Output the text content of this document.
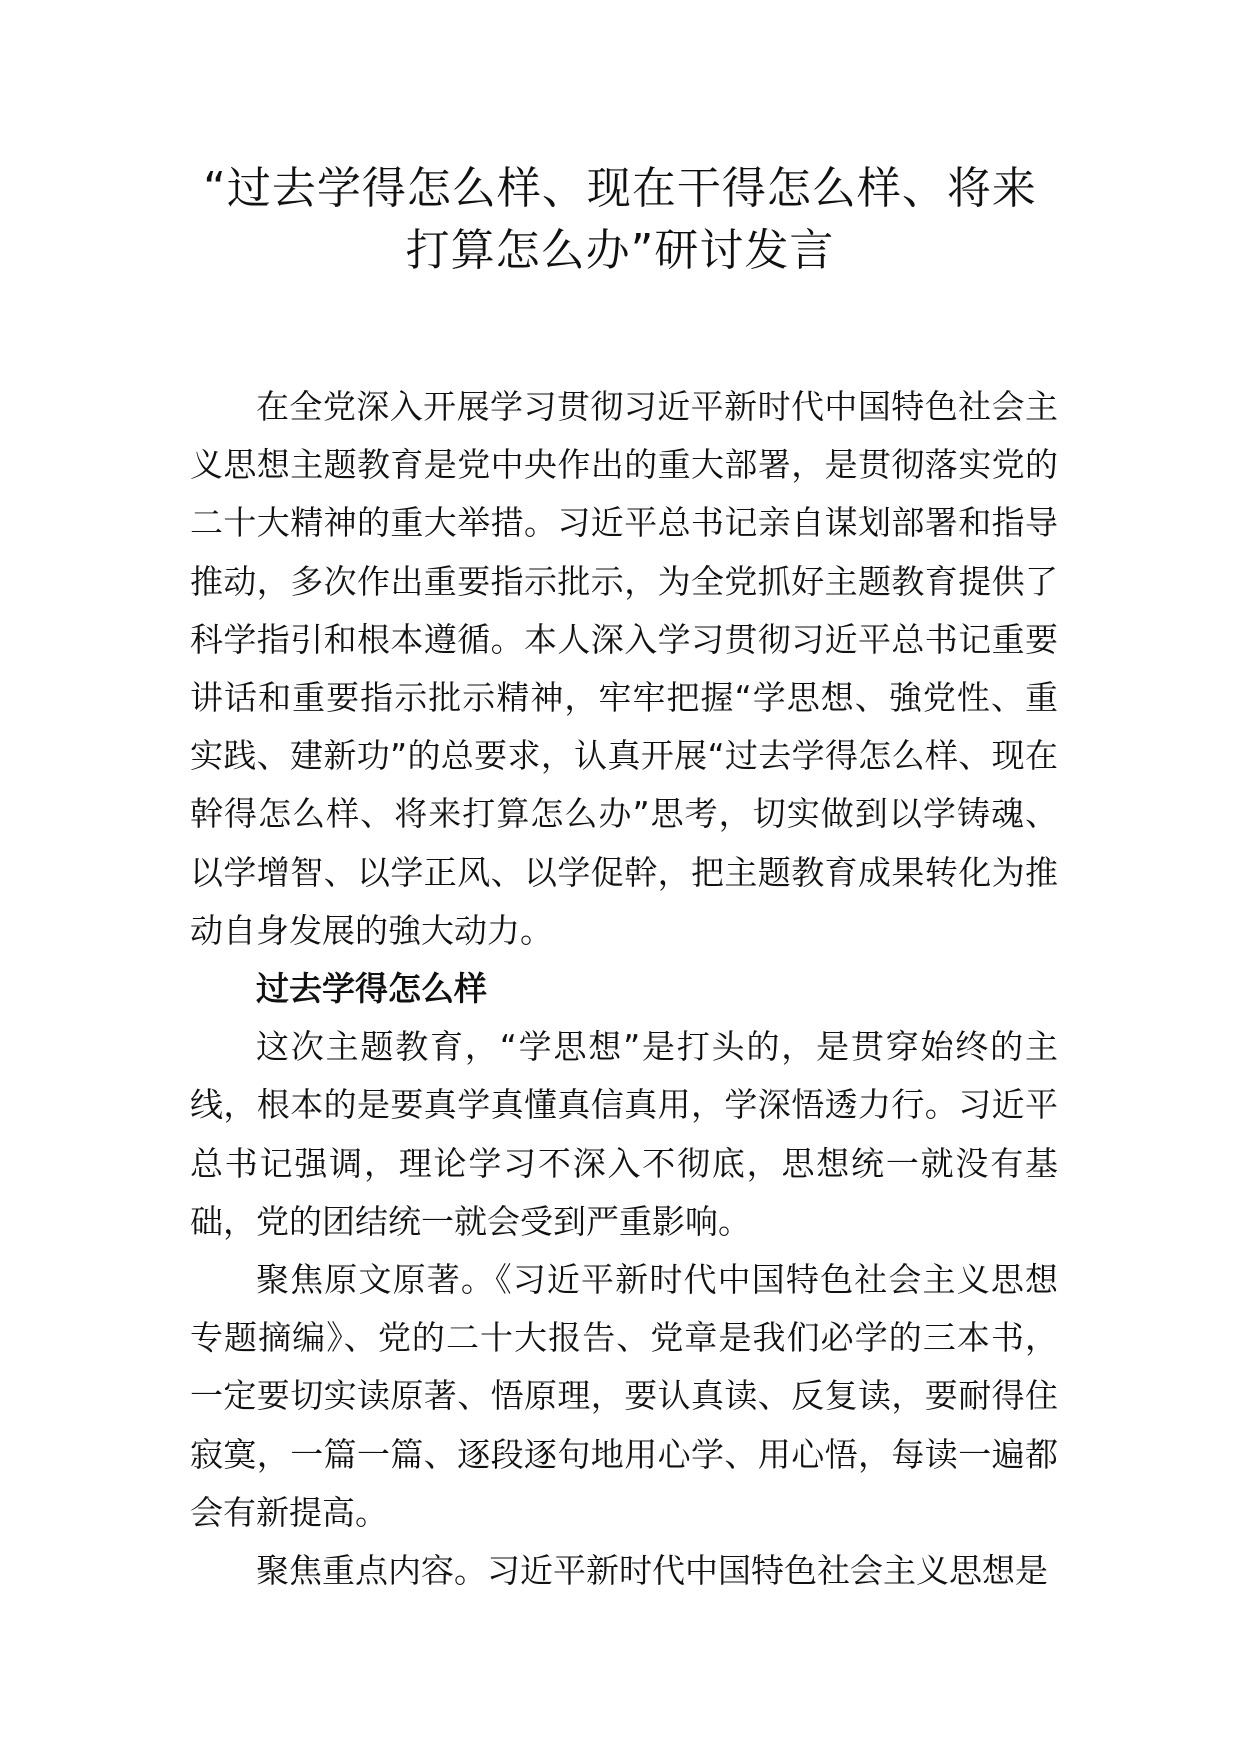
“过去学得怎么样、现在干得怎么样、将来
打算怎么办”研讨发言

在全党深入开展学习贯彻习近平新时代中国特色社会主义思想主题教育是党中央作出的重大部署，是贯彻落实党的二十大精神的重大举措。习近平总书记亲自谋划部署和指导推动，多次作出重要指示批示，为全党抓好主题教育提供了科学指引和根本遵循。本人深入学习贯彻习近平总书记重要讲话和重要指示批示精神，牢牢把握“学思想、強党性、重实践、建新功”的总要求，认真开展“过去学得怎么样、现在幹得怎么样、将来打算怎么办”思考，切实做到以学铸魂、以学增智、以学正风、以学促幹，把主题教育成果转化为推动自身发展的強大动力。

过去学得怎么样

这次主题教育，“学思想”是打头的，是贯穿始终的主线，根本的是要真学真懂真信真用，学深悟透力行。习近平总书记强调，理论学习不深入不彻底，思想统一就没有基础，党的团结统一就会受到严重影响。

聚焦原文原著。《习近平新时代中国特色社会主义思想专题摘编》、党的二十大报告、党章是我们必学的三本书，一定要切实读原著、悟原理，要认真读、反复读，要耐得住寂寞，一篇一篇、逐段逐句地用心学、用心悟，每读一遍都会有新提高。

聚焦重点内容。习近平新时代中国特色社会主义思想是
